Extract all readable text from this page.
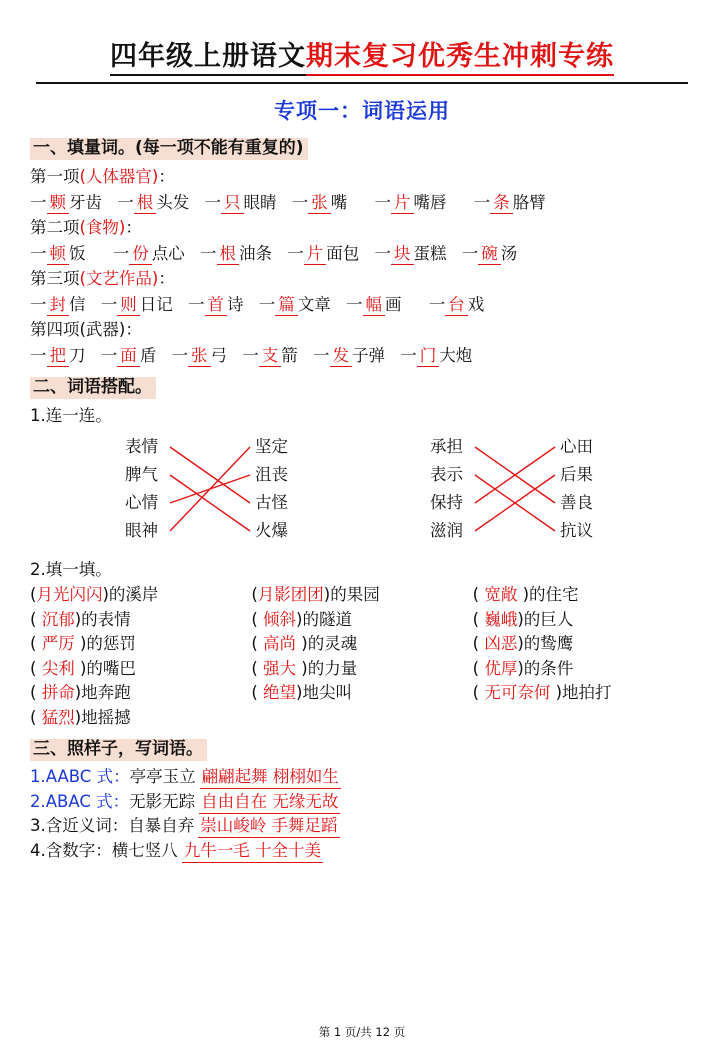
四年级上册语文期末复习优秀生冲刺专练
专项一：词语运用
一、填量词。(每一项不能有重复的)
第一项(人体器官)：
一 颗 牙齿 一 根 头发 一 只 眼睛 一 张 嘴 一 片 嘴唇 一 条 胳臂
第二项(食物)：
一 顿 饭 一 份 点心 一 根 油条 一 片 面包 一 块 蛋糕 一 碗 汤
第三项(文艺作品)：
一 封 信 一 则 日记 一 首 诗 一 篇 文章 一 幅 画 一 台 戏
第四项(武器)：
一 把 刀 一 面 盾 一 张 弓 一 支 箭 一 发 子弹 一 门 大炮
二、词语搭配。
1.连一连。
表情
脾气
心情
眼神
坚定
沮丧
古怪
火爆
承担
表示
保持
滋润
心田
后果
善良
抗议
2.填一填。
(月光闪闪)的溪岸	(月影团团)的果园	( 宽敞 )的住宅
( 沉郁)的表情	( 倾斜)的隧道	( 巍峨)的巨人
( 严厉 )的惩罚	( 高尚 )的灵魂	( 凶恶)的鸷鹰
( 尖利 )的嘴巴	( 强大 )的力量	( 优厚)的条件
( 拼命)地奔跑	( 绝望)地尖叫	( 无可奈何 )地拍打
( 猛烈)地摇撼
三、照样子，写词语。
1.AABC 式：亭亭玉立 翩翩起舞 栩栩如生
2.ABAC 式：无影无踪 自由自在 无缘无故
3.含近义词：自暴自弃 崇山峻岭 手舞足蹈
4.含数字：横七竖八 九牛一毛 十全十美
第 1 页/共 12 页
